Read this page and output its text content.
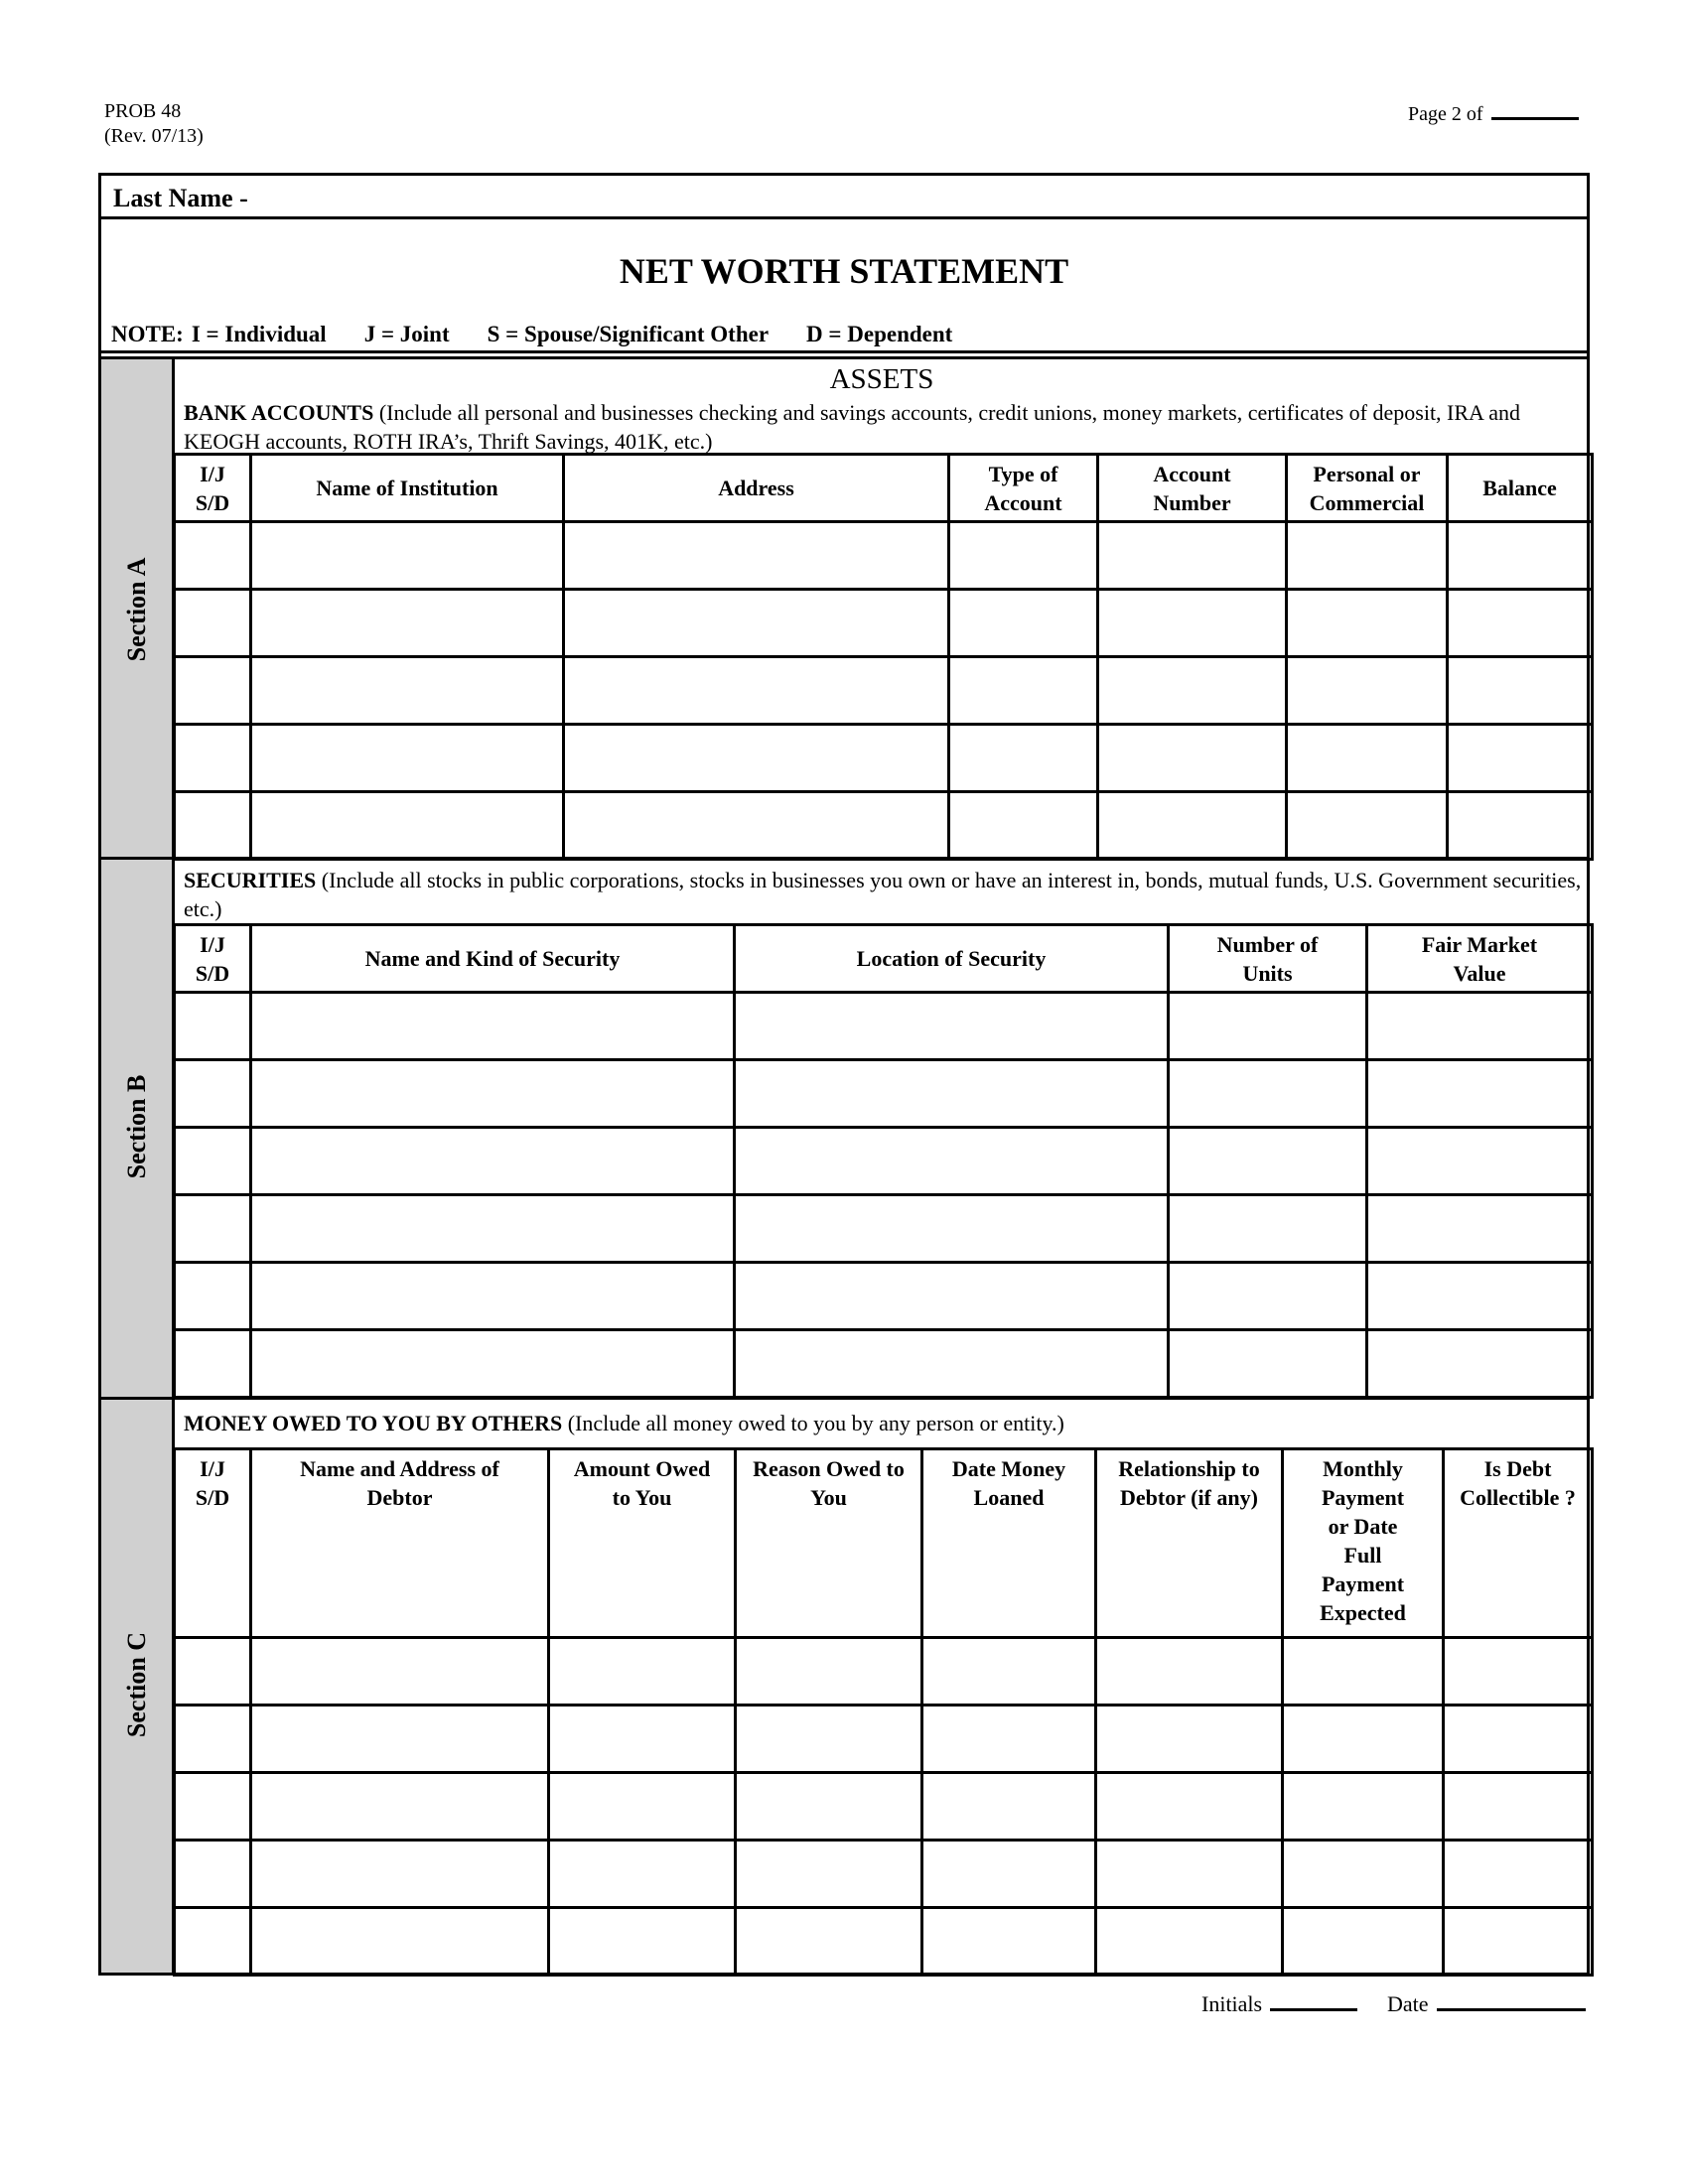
PROB 48
(Rev. 07/13)
Page 2 of
Last Name -
NET WORTH STATEMENT
NOTE: I = Individual J = Joint S = Spouse/Significant Other D = Dependent
Section A
Section B
Section C
ASSETS
BANK ACCOUNTS (Include all personal and businesses checking and savings accounts, credit unions, money markets, certificates of deposit, IRA and KEOGH accounts, ROTH IRA’s, Thrift Savings, 401K, etc.)
I/J S/D	Name of Institution	Address	Type of Account	Account Number	Personal or Commercial	Balance

SECURITIES (Include all stocks in public corporations, stocks in businesses you own or have an interest in, bonds, mutual funds, U.S. Government securities, etc.)
I/J S/D	Name and Kind of Security	Location of Security	Number of Units	Fair Market Value

MONEY OWED TO YOU BY OTHERS (Include all money owed to you by any person or entity.)
I/J S/D	Name and Address of Debtor	Amount Owed to You	Reason Owed to You	Date Money Loaned	Relationship to Debtor (if any)	Monthly Payment or Date Full Payment Expected	Is Debt Collectible ?

Initials	Date
